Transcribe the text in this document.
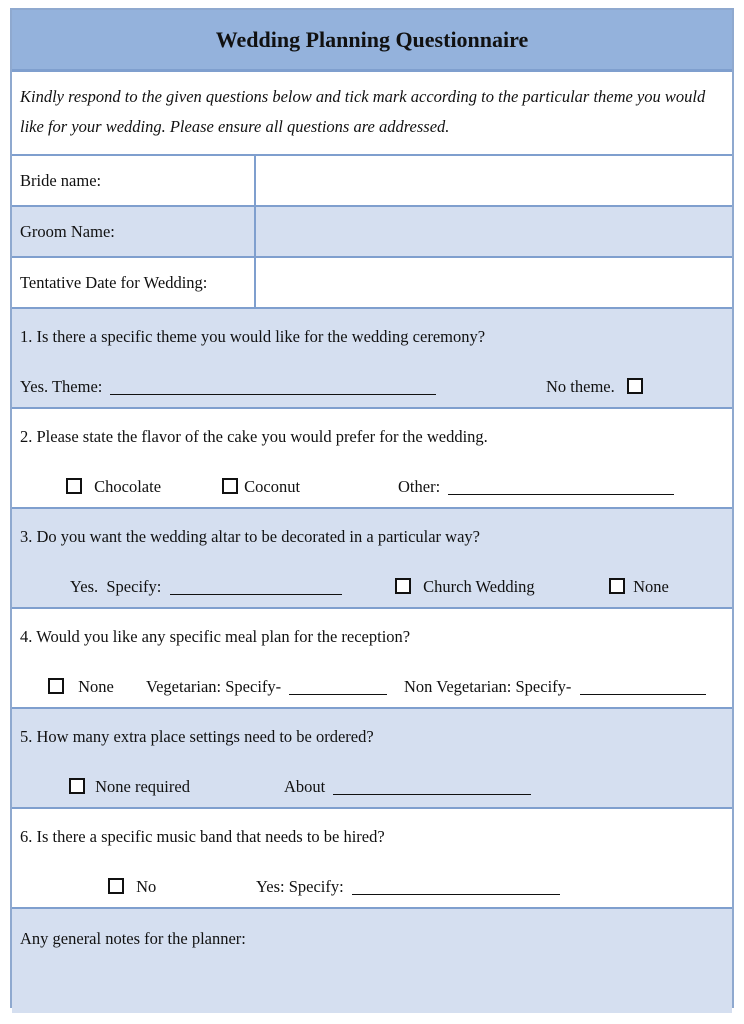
Wedding Planning Questionnaire
Kindly respond to the given questions below and tick mark according to the particular theme you would like for your wedding. Please ensure all questions are addressed.
Bride name:
Groom Name:
Tentative Date for Wedding:
1. Is there a specific theme you would like for the wedding ceremony?
Yes. Theme:	No theme.
2. Please state the flavor of the cake you would prefer for the wedding.
Chocolate	Coconut	Other:
3. Do you want the wedding altar to be decorated in a particular way?
Yes.  Specify:	Church Wedding	None
4. Would you like any specific meal plan for the reception?
None Vegetarian: Specify-	Non Vegetarian: Specify-
5. How many extra place settings need to be ordered?
None required	About
6. Is there a specific music band that needs to be hired?
No	Yes: Specify:
Any general notes for the planner:
